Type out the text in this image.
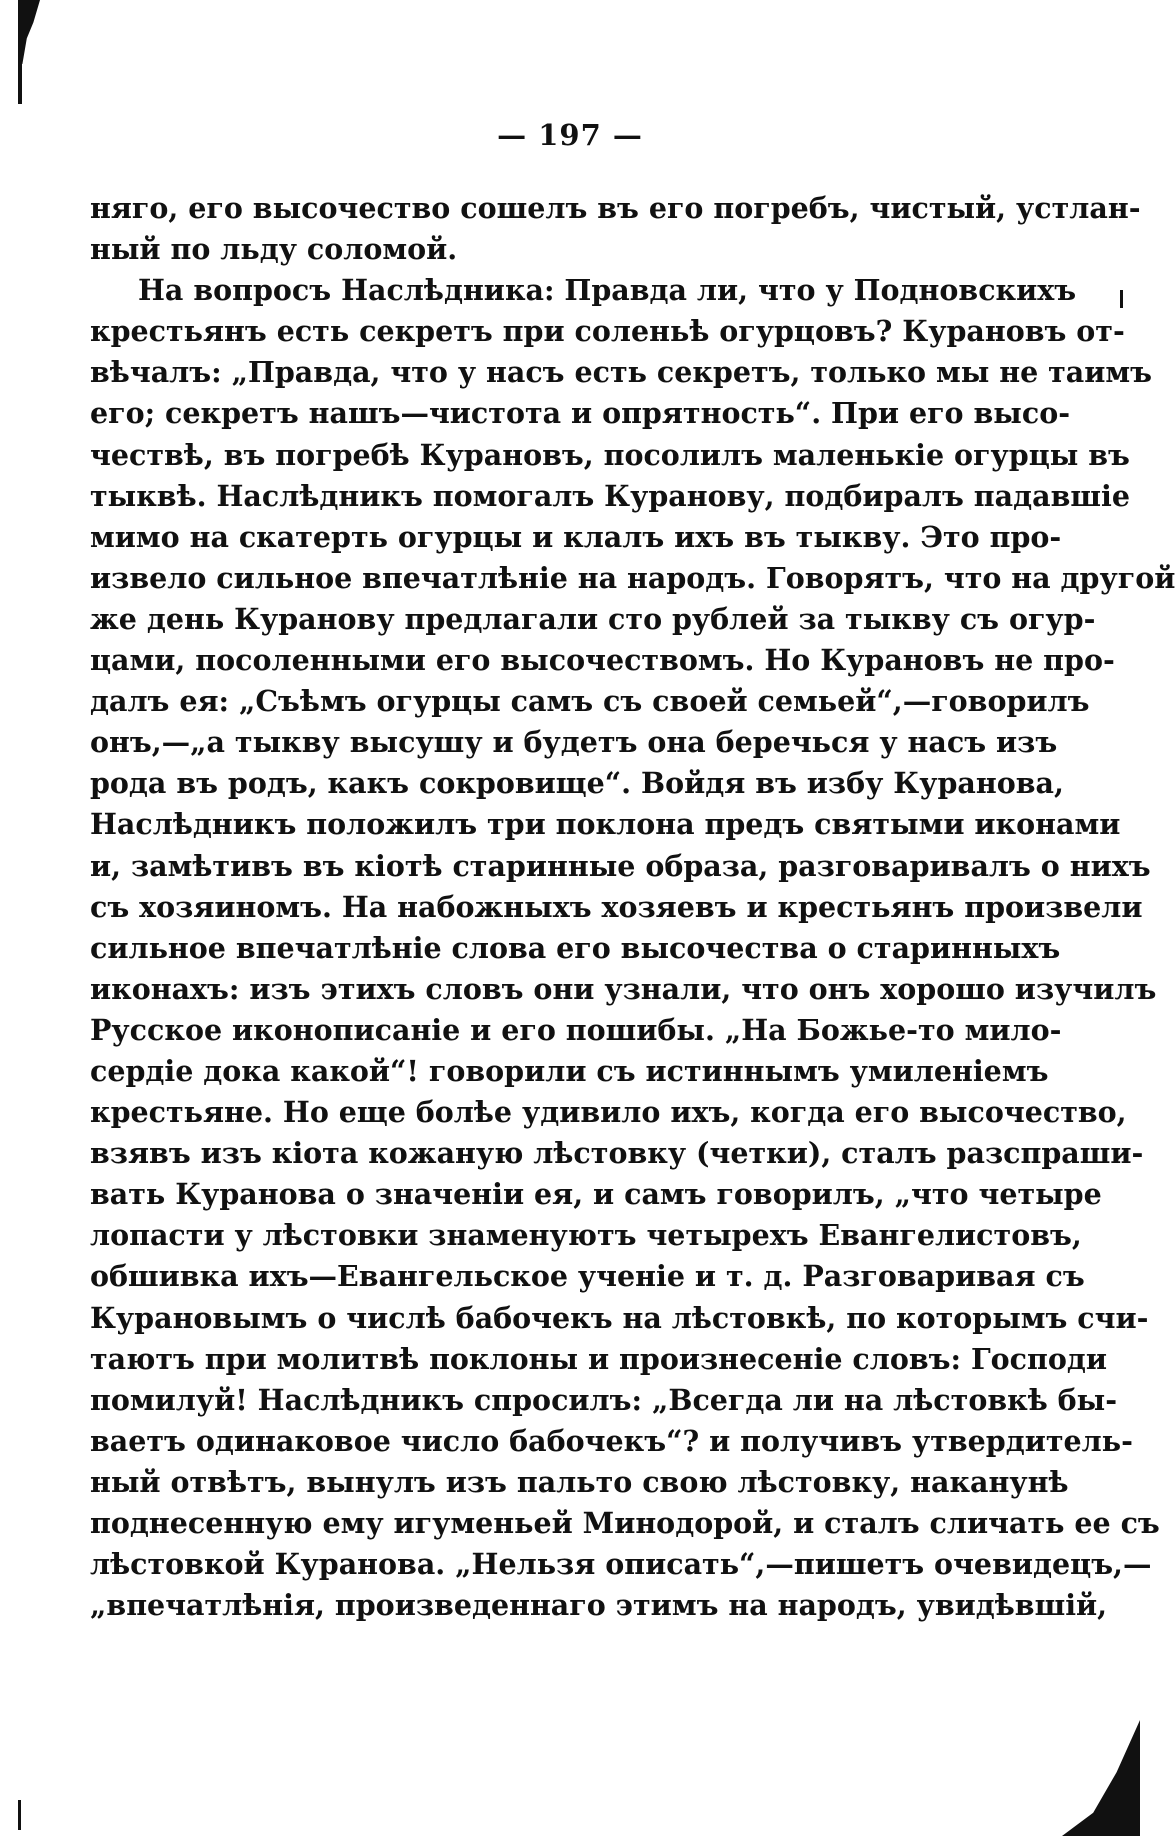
— 197 —
няго, его высочество сошелъ въ его погребъ, чистый, устлан-
ный по льду соломой.
На вопросъ Наслѣдника: Правда ли, что у Подновскихъ
крестьянъ есть секретъ при соленьѣ огурцовъ? Курановъ от-
вѣчалъ: „Правда, что у насъ есть секретъ, только мы не таимъ
его; секретъ нашъ—чистота и опрятность“. При его высо-
чествѣ, въ погребѣ Курановъ, посолилъ маленькіе огурцы въ
тыквѣ. Наслѣдникъ помогалъ Куранову, подбиралъ падавшіе
мимо на скатерть огурцы и клалъ ихъ въ тыкву. Это про-
извело сильное впечатлѣніе на народъ. Говорятъ, что на другой
же день Куранову предлагали сто рублей за тыкву съ огур-
цами, посоленными его высочествомъ. Но Курановъ не про-
далъ ея: „Съѣмъ огурцы самъ съ своей семьей“,—говорилъ
онъ,—„а тыкву высушу и будетъ она беречься у насъ изъ
рода въ родъ, какъ сокровище“. Войдя въ избу Куранова,
Наслѣдникъ положилъ три поклона предъ святыми иконами
и, замѣтивъ въ кіотѣ старинные образа, разговаривалъ о нихъ
съ хозяиномъ. На набожныхъ хозяевъ и крестьянъ произвели
сильное впечатлѣніе слова его высочества о старинныхъ
иконахъ: изъ этихъ словъ они узнали, что онъ хорошо изучилъ
Русское иконописаніе и его пошибы. „На Божье-то мило-
сердіе дока какой“! говорили съ истиннымъ умиленіемъ
крестьяне. Но еще болѣе удивило ихъ, когда его высочество,
взявъ изъ кіота кожаную лѣстовку (четки), сталъ разспраши-
вать Куранова о значеніи ея, и самъ говорилъ, „что четыре
лопасти у лѣстовки знаменуютъ четырехъ Евангелистовъ,
обшивка ихъ—Евангельское ученіе и т. д. Разговаривая съ
Курановымъ о числѣ бабочекъ на лѣстовкѣ, по которымъ счи-
таютъ при молитвѣ поклоны и произнесеніе словъ: Господи
помилуй! Наслѣдникъ спросилъ: „Всегда ли на лѣстовкѣ бы-
ваетъ одинаковое число бабочекъ“? и получивъ утвердитель-
ный отвѣтъ, вынулъ изъ пальто свою лѣстовку, наканунѣ
поднесенную ему игуменьей Минодорой, и сталъ сличать ее съ
лѣстовкой Куранова. „Нельзя описать“,—пишетъ очевидецъ,—
„впечатлѣнія, произведеннаго этимъ на народъ, увидѣвшій,
